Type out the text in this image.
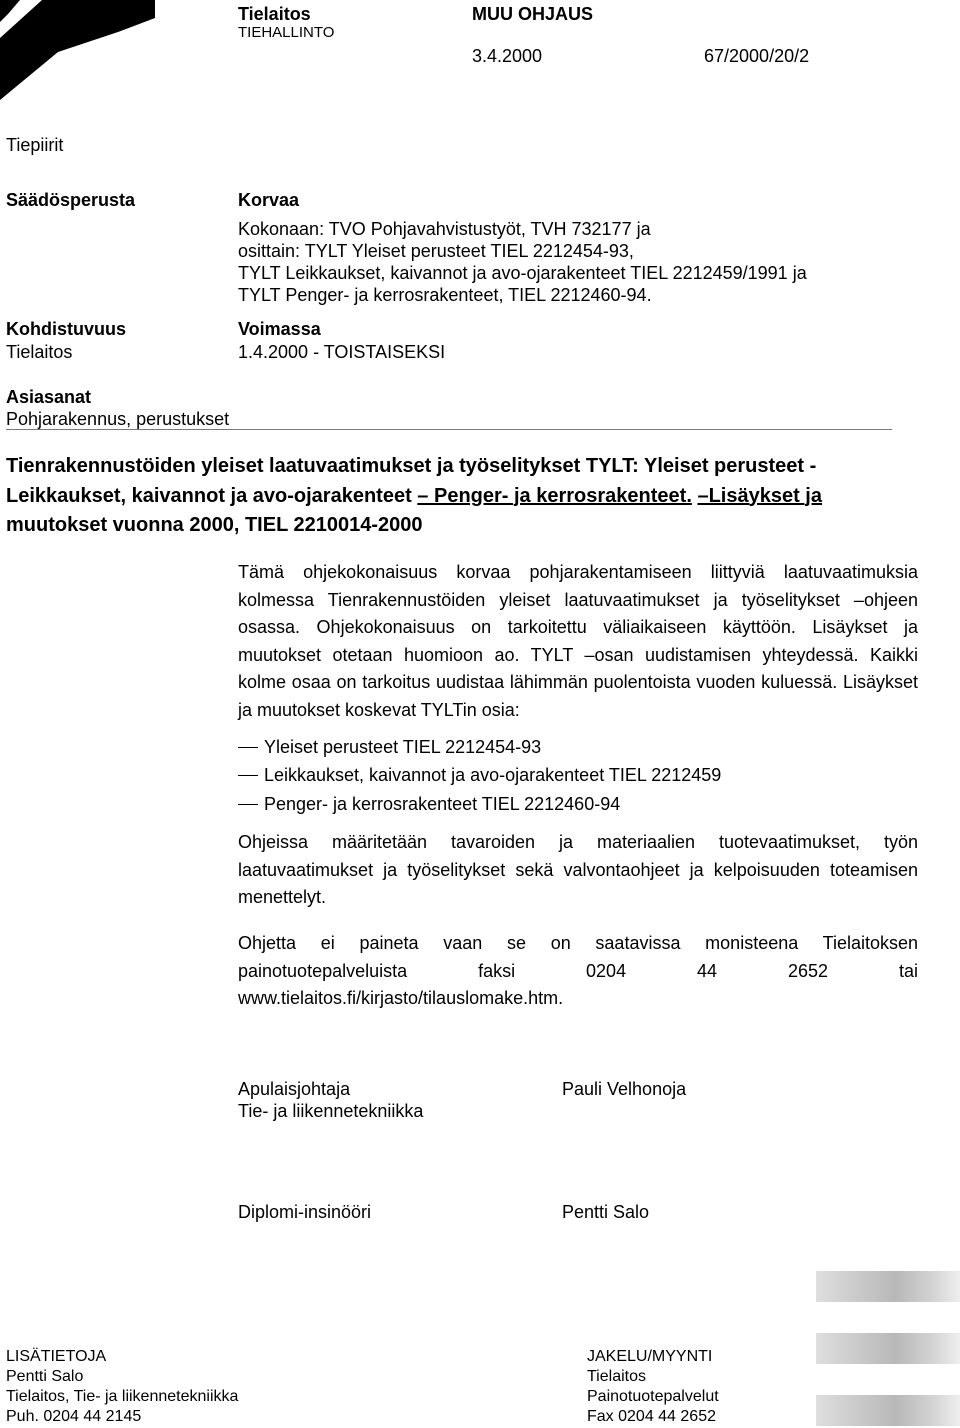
Tielaitos
TIEHALLINTO
MUU OHJAUS
3.4.2000	67/2000/20/2
Tiepiirit
Säädösperusta
Kohdistuvuus
Tielaitos
Korvaa
Kokonaan: TVO Pohjavahvistustyöt, TVH 732177 ja
osittain: TYLT Yleiset perusteet TIEL 2212454-93,
TYLT Leikkaukset, kaivannot ja avo-ojarakenteet TIEL 2212459/1991 ja
TYLT Penger- ja kerrosrakenteet, TIEL 2212460-94.
Voimassa
1.4.2000 - TOISTAISEKSI
Asiasanat
Pohjarakennus, perustukset
Tienrakennustöiden yleiset laatuvaatimukset ja työselitykset TYLT: Yleiset perusteet - Leikkaukset, kaivannot ja avo-ojarakenteet – Penger- ja kerrosrakenteet. –Lisäykset ja muutokset vuonna 2000, TIEL 2210014-2000
Tämä ohjekokonaisuus korvaa pohjarakentamiseen liittyviä laatuvaatimuksia kolmessa Tienrakennustöiden yleiset laatuvaatimukset ja työselitykset –ohjeen osassa. Ohjekokonaisuus on tarkoitettu väliaikaiseen käyttöön. Lisäykset ja muutokset otetaan huomioon ao. TYLT –osan uudistamisen yhteydessä. Kaikki kolme osaa on tarkoitus uudistaa lähimmän puolentoista vuoden kuluessä. Lisäykset ja muutokset koskevat TYLTin osia:
Yleiset perusteet TIEL 2212454-93
Leikkaukset, kaivannot ja avo-ojarakenteet TIEL 2212459
Penger- ja kerrosrakenteet TIEL 2212460-94
Ohjeissa määritetään tavaroiden ja materiaalien tuotevaatimukset, työn laatuvaatimukset ja työselitykset sekä valvontaohjeet ja kelpoisuuden toteamisen menettelyt.
Ohjetta ei paineta vaan se on saatavissa monisteena Tielaitoksen painotuotepalveluista faksi 0204 44 2652 tai www.tielaitos.fi/kirjasto/tilauslomake.htm.
Apulaisjohtaja
Tie- ja liikennetekniikka
Pauli Velhonoja
Diplomi-insinööri	Pentti Salo
LISÄTIETOJA
Pentti Salo
Tielaitos, Tie- ja liikennetekniikka
Puh. 0204 44 2145
JAKELU/MYYNTI
Tielaitos
Painotuotepalvelut
Fax 0204 44 2652
